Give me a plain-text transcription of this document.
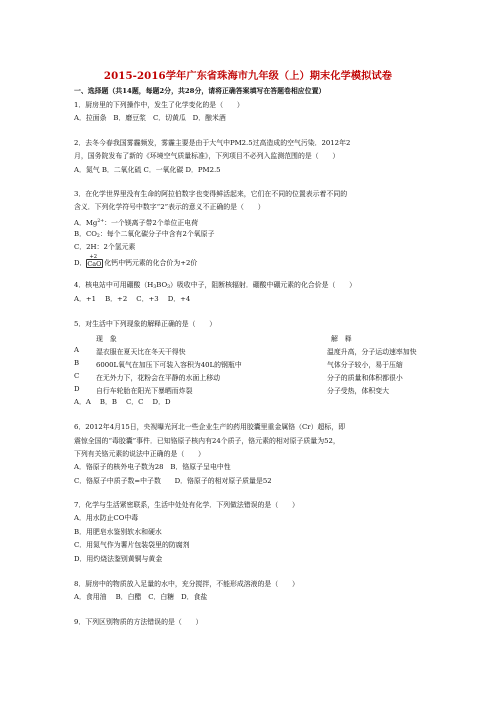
2015-2016学年广东省珠海市九年级（上）期末化学模拟试卷
一、选择题（共14题，每题2分，共28分，请将正确答案填写在答题卷相应位置）
1．厨房里的下列操作中，发生了化学变化的是（　　）
A．拉面条　B．磨豆浆　C．切黄瓜　D．酿米酒
2．去冬今春我国雾霾频发，雾霾主要是由于大气中PM2.5过高造成的空气污染．2012年2
月，国务院发布了新的《环境空气质量标准》，下列项目不必列入监测范围的是（　　）
A．氮气 B．二氧化硫 C．一氧化碳 D．PM2.5
3．在化学世界里没有生命的阿拉伯数字也变得鲜活起来，它们在不同的位置表示着不同的
含义．下列化学符号中数字“2”表示的意义不正确的是（　　）
A．$Mg^{2+}$：一个镁离子带2个单位正电荷
B．$CO_2$：每个二氧化碳分子中含有2个氧原子
C．2H：2个氢元素
D．
+2
CaO 化钙中钙元素的化合价为+2价
4．核电站中可用硼酸$(H_3BO_3)$吸收中子，阻断核辐射．硼酸中硼元素的化合价是（　　）
A．+1　 B．+2　 C．+3　 D．+4
5．对生活中下列现象的解释正确的是（　　）
现　象	解　释
A 湿衣服在夏天比在冬天干得快	温度升高，分子运动速率加快
B 6000L氧气在加压下可装入容积为40L的钢瓶中	气体分子较小，易于压缩
C 在无外力下，花粉会在平静的水面上移动	分子的质量和体积都很小
D 自行车轮胎在阳光下暴晒而炸裂	分子受热，体积变大
A．A　 B．B　 C．C　 D．D
6．2012年4月15日，央视曝光河北一些企业生产的药用胶囊里重金属铬（Cr）超标，即
震惊全国的“毒胶囊”事件．已知铬原子核内有24个质子，铬元素的相对原子质量为52，
下列有关铬元素的说法中正确的是（　　）
A．铬原子的核外电子数为28　B．铬原子呈电中性
C．铬原子中质子数=中子数　　D．铬原子的相对原子质量是52
7．化学与生活紧密联系，生活中处处有化学．下列做法错误的是（　　）
A．用水防止CO中毒
B．用肥皂水鉴别软水和硬水
C．用氮气作为薯片包装袋里的防腐剂
D．用灼烧法鉴别黄铜与黄金
8．厨房中的物质放入足量的水中，充分搅拌，不能形成溶液的是（　　）
A．食用油　 B．白醋　C．白糖　D．食盐
9．下列区别物质的方法错误的是（　　）
